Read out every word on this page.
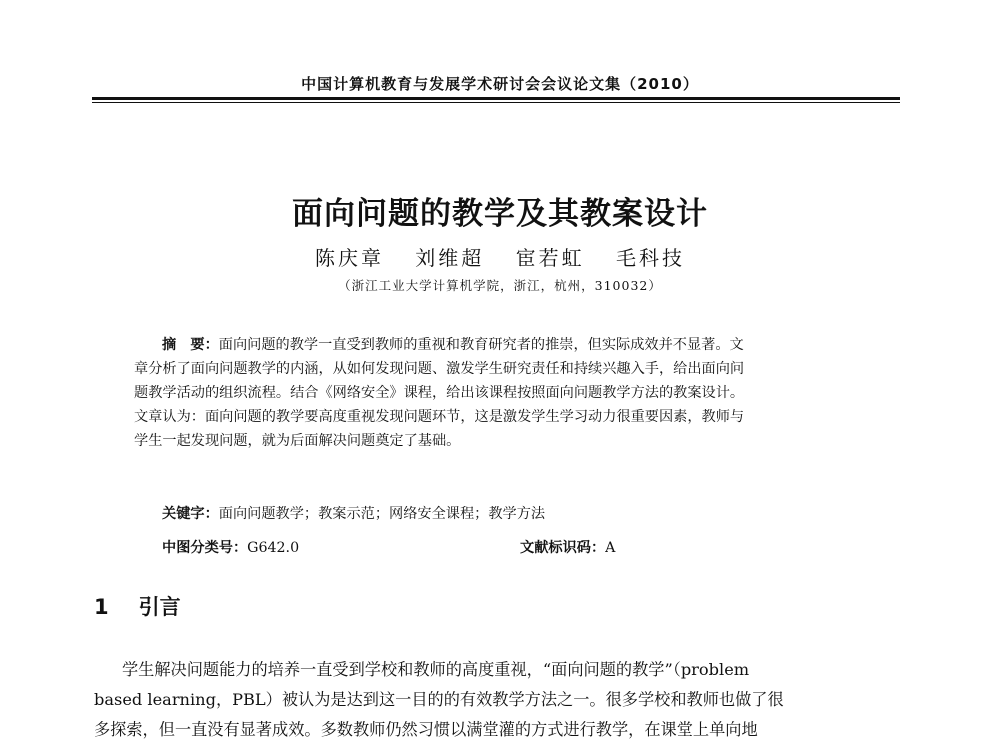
中国计算机教育与发展学术研讨会会议论文集（2010）
面向问题的教学及其教案设计
陈庆章 刘维超 宦若虹 毛科技
（浙江工业大学计算机学院，浙江，杭州，310032）
摘　要：面向问题的教学一直受到教师的重视和教育研究者的推崇，但实际成效并不显著。文
章分析了面向问题教学的内涵，从如何发现问题、激发学生研究责任和持续兴趣入手，给出面向问
题教学活动的组织流程。结合《网络安全》课程，给出该课程按照面向问题教学方法的教案设计。
文章认为：面向问题的教学要高度重视发现问题环节，这是激发学生学习动力很重要因素，教师与
学生一起发现问题，就为后面解决问题奠定了基础。
关键字：面向问题教学；教案示范；网络安全课程；教学方法
中图分类号：G642.0	文献标识码：A
1 引言
学生解决问题能力的培养一直受到学校和教师的高度重视，“面向问题的教学”（problem
based learning，PBL）被认为是达到这一目的的有效教学方法之一。很多学校和教师也做了很
多探索，但一直没有显著成效。多数教师仍然习惯以满堂灌的方式进行教学，在课堂上单向地
